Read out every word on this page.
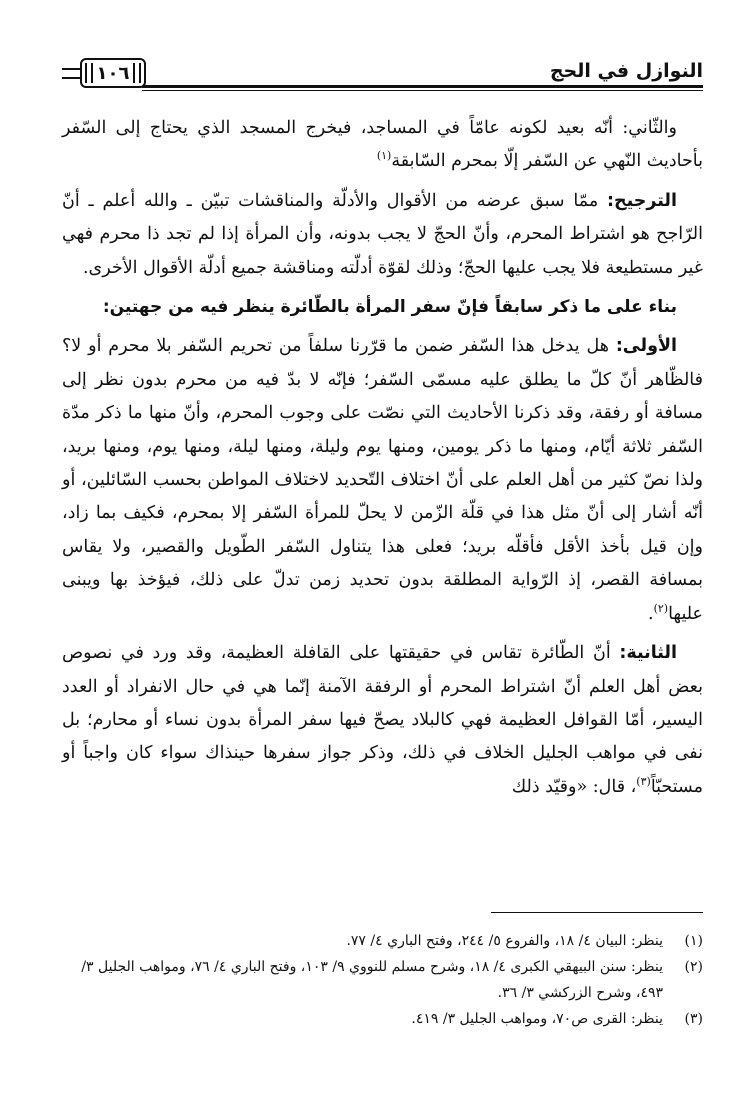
النوازل في الحج
١٠٦

والثّاني: أنّه بعيد لكونه عامّاً في المساجد، فيخرج المسجد الذي يحتاج إلى السّفر بأحاديث النّهي عن السّفر إلّا بمحرم السّابقة$^{(١)}$

الترجيح: ممّا سبق عرضه من الأقوال والأدلّة والمناقشات تبيّن ـ والله أعلم ـ أنّ الرّاجح هو اشتراط المحرم، وأنّ الحجّ لا يجب بدونه، وأن المرأة إذا لم تجد ذا محرم فهي غير مستطيعة فلا يجب عليها الحجّ؛ وذلك لقوّة أدلّته ومناقشة جميع أدلّة الأقوال الأخرى.

بناء على ما ذكر سابقاً فإنّ سفر المرأة بالطّائرة ينظر فيه من جهتين:

الأولى: هل يدخل هذا السّفر ضمن ما قرّرنا سلفاً من تحريم السّفر بلا محرم أو لا؟ فالظّاهر أنّ كلّ ما يطلق عليه مسمّى السّفر؛ فإنّه لا بدّ فيه من محرم بدون نظر إلى مسافة أو رفقة، وقد ذكرنا الأحاديث التي نصّت على وجوب المحرم، وأنّ منها ما ذكر مدّة السّفر ثلاثة أيّام، ومنها ما ذكر يومين، ومنها يوم وليلة، ومنها ليلة، ومنها يوم، ومنها بريد، ولذا نصّ كثير من أهل العلم على أنّ اختلاف التّحديد لاختلاف المواطن بحسب السّائلين، أو أنّه أشار إلى أنّ مثل هذا في قلّة الزّمن لا يحلّ للمرأة السّفر إلا بمحرم، فكيف بما زاد، وإن قيل بأخذ الأقل فأقلّه بريد؛ فعلى هذا يتناول السّفر الطّويل والقصير، ولا يقاس بمسافة القصر، إذ الرّواية المطلقة بدون تحديد زمن تدلّ على ذلك، فيؤخذ بها ويبنى عليها$^{(٢)}$.

الثانية: أنّ الطّائرة تقاس في حقيقتها على القافلة العظيمة، وقد ورد في نصوص بعض أهل العلم أنّ اشتراط المحرم أو الرفقة الآمنة إنّما هي في حال الانفراد أو العدد اليسير، أمّا القوافل العظيمة فهي كالبلاد يصحّ فيها سفر المرأة بدون نساء أو محارم؛ بل نفى في مواهب الجليل الخلاف في ذلك، وذكر جواز سفرها حينذاك سواء كان واجباً أو مستحبّاً$^{(٣)}$، قال: «وقيّد ذلك

(١)
ينظر: البيان ٤/ ١٨، والفروع ٥/ ٢٤٤، وفتح الباري ٤/ ٧٧.
(٢)
ينظر: سنن البيهقي الكبرى ٤/ ١٨، وشرح مسلم للنووي ٩/ ١٠٣، وفتح الباري ٤/ ٧٦، ومواهب الجليل ٣/ ٤٩٣، وشرح الزركشي ٣/ ٣٦.
(٣)
ينظر: القرى ص٧٠، ومواهب الجليل ٣/ ٤١٩.
